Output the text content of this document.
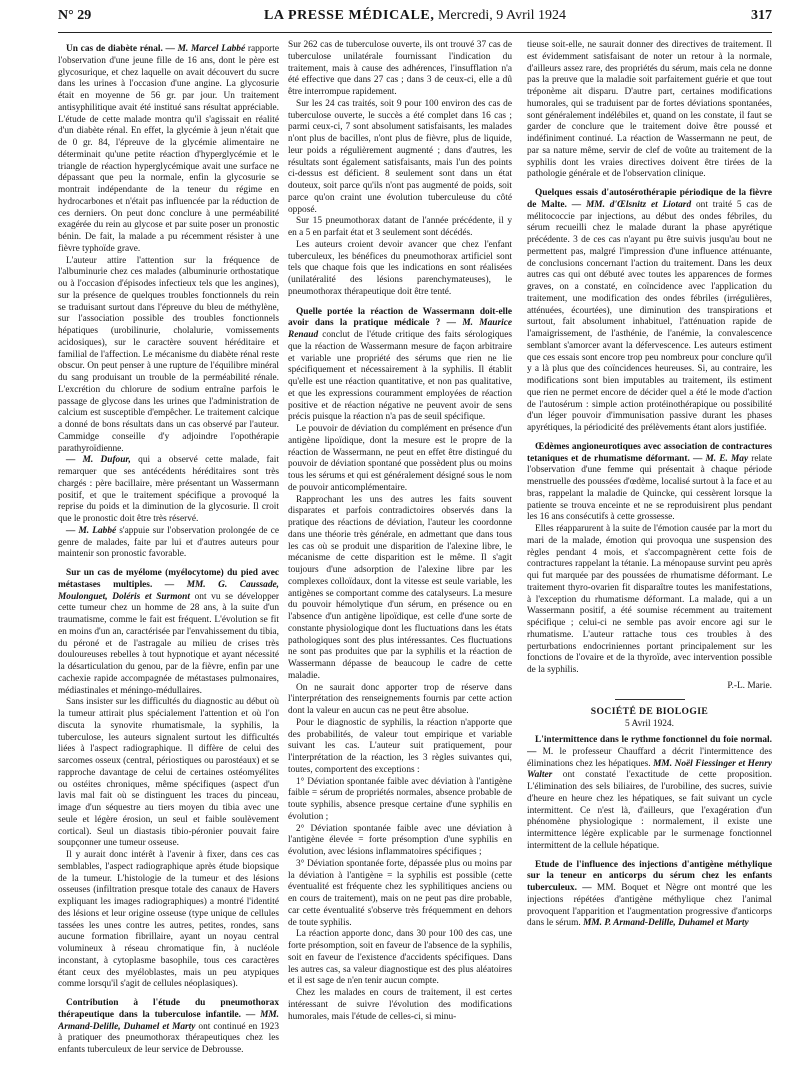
N° 29	LA PRESSE MÉDICALE, Mercredi, 9 Avril 1924	317

Un cas de diabète rénal. — M. Marcel Labbé rapporte l'observation d'une jeune fille de 16 ans, dont le père est glycosurique, et chez laquelle on avait découvert du sucre dans les urines à l'occasion d'une angine. La glycosurie était en moyenne de 56 gr. par jour. Un traitement antisyphilitique avait été institué sans résultat appréciable. L'étude de cette malade montra qu'il s'agissait en réalité d'un diabète rénal. En effet, la glycémie à jeun n'était que de 0 gr. 84, l'épreuve de la glycémie alimentaire ne déterminait qu'une petite réaction d'hyperglycémie et le triangle de réaction hyperglycémique avait une surface ne dépassant que peu la normale, enfin la glycosurie se montrait indépendante de la teneur du régime en hydrocarbones et n'était pas influencée par la réduction de ces derniers. On peut donc conclure à une perméabilité exagérée du rein au glycose et par suite poser un pronostic bénin. De fait, la malade a pu récemment résister à une fièvre typhoïde grave.

L'auteur attire l'attention sur la fréquence de l'albuminurie chez ces malades (albuminurie orthostatique ou à l'occasion d'épisodes infectieux tels que les angines), sur la présence de quelques troubles fonctionnels du rein se traduisant surtout dans l'épreuve du bleu de méthylène, sur l'association possible des troubles fonctionnels hépatiques (urobilinurie, cholalurie, vomissements acidosiques), sur le caractère souvent héréditaire et familial de l'affection. Le mécanisme du diabète rénal reste obscur. On peut penser à une rupture de l'équilibre minéral du sang produisant un trouble de la perméabilité rénale. L'excrétion du chlorure de sodium entraîne parfois le passage de glycose dans les urines que l'administration de calcium est susceptible d'empêcher. Le traitement calcique a donné de bons résultats dans un cas observé par l'auteur. Cammidge conseille d'y adjoindre l'opothérapie parathyroïdienne.

— M. Dufour, qui a observé cette malade, fait remarquer que ses antécédents héréditaires sont très chargés : père bacillaire, mère présentant un Wassermann positif, et que le traitement spécifique a provoqué la reprise du poids et la diminution de la glycosurie. Il croit que le pronostic doit être très réservé.

— M. Labbé s'appuie sur l'observation prolongée de ce genre de malades, faite par lui et d'autres auteurs pour maintenir son pronostic favorable.

Sur un cas de myélome (myélocytome) du pied avec métastases multiples. — MM. G. Caussade, Moulonguet, Doléris et Surmont ont vu se développer cette tumeur chez un homme de 28 ans, à la suite d'un traumatisme, comme le fait est fréquent. L'évolution se fit en moins d'un an, caractérisée par l'envahissement du tibia, du péroné et de l'astragale au milieu de crises très douloureuses rebelles à tout hypnotique et ayant nécessité la désarticulation du genou, par de la fièvre, enfin par une cachexie rapide accompagnée de métastases pulmonaires, médiastinales et méningo-médullaires.

Sans insister sur les difficultés du diagnostic au début où la tumeur attirait plus spécialement l'attention et où l'on discuta la synovite rhumatismale, la syphilis, la tuberculose, les auteurs signalent surtout les difficultés liées à l'aspect radiographique. Il diffère de celui des sarcomes osseux (central, périostiques ou parostéaux) et se rapproche davantage de celui de certaines ostéomyélites ou ostéites chroniques, même spécifiques (aspect d'un lavis mal fait où se distinguent les traces du pinceau, image d'un séquestre au tiers moyen du tibia avec une seule et légère érosion, un seul et faible soulèvement cortical). Seul un diastasis tibio-péronier pouvait faire soupçonner une tumeur osseuse.

Il y aurait donc intérêt à l'avenir à fixer, dans ces cas semblables, l'aspect radiographique après étude biopsique de la tumeur. L'histologie de la tumeur et des lésions osseuses (infiltration presque totale des canaux de Havers expliquant les images radiographiques) a montré l'identité des lésions et leur origine osseuse (type unique de cellules tassées les unes contre les autres, petites, rondes, sans aucune formation fibrillaire, ayant un noyau central volumineux à réseau chromatique fin, à nucléole inconstant, à cytoplasme basophile, tous ces caractères étant ceux des myéloblastes, mais un peu atypiques comme lorsqu'il s'agit de cellules néoplasiques).

Contribution à l'étude du pneumothorax thérapeutique dans la tuberculose infantile. — MM. Armand-Delille, Duhamel et Marty ont continué en 1923 à pratiquer des pneumothorax thérapeutiques chez les enfants tuberculeux de leur service de Debrousse.

Sur 262 cas de tuberculose ouverte, ils ont trouvé 37 cas de tuberculose unilatérale fournissant l'indication du traitement, mais à cause des adhérences, l'insufflation n'a été effective que dans 27 cas ; dans 3 de ceux-ci, elle a dû être interrompue rapidement.

Sur les 24 cas traités, soit 9 pour 100 environ des cas de tuberculose ouverte, le succès a été complet dans 16 cas ; parmi ceux-ci, 7 sont absolument satisfaisants, les malades n'ont plus de bacilles, n'ont plus de fièvre, plus de liquide, leur poids a régulièrement augmenté ; dans d'autres, les résultats sont également satisfaisants, mais l'un des points ci-dessus est déficient. 8 seulement sont dans un état douteux, soit parce qu'ils n'ont pas augmenté de poids, soit parce qu'on craint une évolution tuberculeuse du côté opposé.

Sur 15 pneumothorax datant de l'année précédente, il y en a 5 en parfait état et 3 seulement sont décédés.

Les auteurs croient devoir avancer que chez l'enfant tuberculeux, les bénéfices du pneumothorax artificiel sont tels que chaque fois que les indications en sont réalisées (unilatéralité des lésions parenchymateuses), le pneumothorax thérapeutique doit être tenté.

Quelle portée la réaction de Wassermann doit-elle avoir dans la pratique médicale ? — M. Maurice Renaud conclut de l'étude critique des faits sérologiques que la réaction de Wassermann mesure de façon arbitraire et variable une propriété des sérums que rien ne lie spécifiquement et nécessairement à la syphilis. Il établit qu'elle est une réaction quantitative, et non pas qualitative, et que les expressions couramment employées de réaction positive et de réaction négative ne peuvent avoir de sens précis puisque la réaction n'a pas de seuil spécifique.

Le pouvoir de déviation du complément en présence d'un antigène lipoïdique, dont la mesure est le propre de la réaction de Wassermann, ne peut en effet être distingué du pouvoir de déviation spontané que possèdent plus ou moins tous les sérums et qui est généralement désigné sous le nom de pouvoir anticomplémentaire.

Rapprochant les uns des autres les faits souvent disparates et parfois contradictoires observés dans la pratique des réactions de déviation, l'auteur les coordonne dans une théorie très générale, en admettant que dans tous les cas où se produit une disparition de l'alexine libre, le mécanisme de cette disparition est le même. Il s'agit toujours d'une adsorption de l'alexine libre par les complexes colloïdaux, dont la vitesse est seule variable, les antigènes se comportant comme des catalyseurs. La mesure du pouvoir hémolytique d'un sérum, en présence ou en l'absence d'un antigène lipoïdique, est celle d'une sorte de constante physiologique dont les fluctuations dans les états pathologiques sont des plus intéressantes. Ces fluctuations ne sont pas produites que par la syphilis et la réaction de Wassermann dépasse de beaucoup le cadre de cette maladie.

On ne saurait donc apporter trop de réserve dans l'interprétation des renseignements fournis par cette action dont la valeur en aucun cas ne peut être absolue.

Pour le diagnostic de syphilis, la réaction n'apporte que des probabilités, de valeur tout empirique et variable suivant les cas. L'auteur suit pratiquement, pour l'interprétation de la réaction, les 3 règles suivantes qui, toutes, comportent des exceptions :

1° Déviation spontanée faible avec déviation à l'antigène faible = sérum de propriétés normales, absence probable de toute syphilis, absence presque certaine d'une syphilis en évolution ;

2° Déviation spontanée faible avec une déviation à l'antigène élevée = forte présomption d'une syphilis en évolution, avec lésions inflammatoires spécifiques ;

3° Déviation spontanée forte, dépassée plus ou moins par la déviation à l'antigène = la syphilis est possible (cette éventualité est fréquente chez les syphilitiques anciens ou en cours de traitement), mais on ne peut pas dire probable, car cette éventualité s'observe très fréquemment en dehors de toute syphilis.

La réaction apporte donc, dans 30 pour 100 des cas, une forte présomption, soit en faveur de l'absence de la syphilis, soit en faveur de l'existence d'accidents spécifiques. Dans les autres cas, sa valeur diagnostique est des plus aléatoires et il est sage de n'en tenir aucun compte.

Chez les malades en cours de traitement, il est certes intéressant de suivre l'évolution des modifications humorales, mais l'étude de celles-ci, si minu-

tieuse soit-elle, ne saurait donner des directives de traitement. Il est évidemment satisfaisant de noter un retour à la normale, d'ailleurs assez rare, des propriétés du sérum, mais cela ne donne pas la preuve que la maladie soit parfaitement guérie et que tout tréponème ait disparu. D'autre part, certaines modifications humorales, qui se traduisent par de fortes déviations spontanées, sont généralement indélébiles et, quand on les constate, il faut se garder de conclure que le traitement doive être poussé et indéfiniment continué. La réaction de Wassermann ne peut, de par sa nature même, servir de clef de voûte au traitement de la syphilis dont les vraies directives doivent être tirées de la pathologie générale et de l'observation clinique.

Quelques essais d'autosérothérapie périodique de la fièvre de Malte. — MM. d'Œlsnitz et Liotard ont traité 5 cas de mélitococcie par injections, au début des ondes fébriles, du sérum recueilli chez le malade durant la phase apyrétique précédente. 3 de ces cas n'ayant pu être suivis jusqu'au bout ne permettent pas, malgré l'impression d'une influence atténuante, de conclusions concernant l'action du traitement. Dans les deux autres cas qui ont débuté avec toutes les apparences de formes graves, on a constaté, en coïncidence avec l'application du traitement, une modification des ondes fébriles (irrégulières, atténuées, écourtées), une diminution des transpirations et surtout, fait absolument inhabituel, l'atténuation rapide de l'amaigrissement, de l'asthénie, de l'anémie, la convalescence semblant s'amorcer avant la défervescence. Les auteurs estiment que ces essais sont encore trop peu nombreux pour conclure qu'il y a là plus que des coïncidences heureuses. Si, au contraire, les modifications sont bien imputables au traitement, ils estiment que rien ne permet encore de décider quel a été le mode d'action de l'autosérum : simple action protéinothérapique ou possibilité d'un léger pouvoir d'immunisation passive durant les phases apyrétiques, la périodicité des prélèvements étant alors justifiée.

Œdèmes angioneurotiques avec association de contractures tetaniques et de rhumatisme déformant. — M. E. May relate l'observation d'une femme qui présentait à chaque période menstruelle des poussées d'œdème, localisé surtout à la face et au bras, rappelant la maladie de Quincke, qui cessèrent lorsque la patiente se trouva enceinte et ne se reproduisirent plus pendant les 16 ans consécutifs à cette grossesse.

Elles réapparurent à la suite de l'émotion causée par la mort du mari de la malade, émotion qui provoqua une suspension des règles pendant 4 mois, et s'accompagnèrent cette fois de contractures rappelant la tétanie. La ménopause survint peu après qui fut marquée par des poussées de rhumatisme déformant. Le traitement thyro-ovarien fit disparaître toutes les manifestations, à l'exception du rhumatisme déformant. La malade, qui a un Wassermann positif, a été soumise récemment au traitement spécifique ; celui-ci ne semble pas avoir encore agi sur le rhumatisme. L'auteur rattache tous ces troubles à des perturbations endocriniennes portant principalement sur les fonctions de l'ovaire et de la thyroïde, avec intervention possible de la syphilis.

P.-L. Marie.

SOCIÉTÉ DE BIOLOGIE
5 Avril 1924.

L'intermittence dans le rythme fonctionnel du foie normal. — M. le professeur Chauffard a décrit l'intermittence des éliminations chez les hépatiques. MM. Noël Fiessinger et Henry Walter ont constaté l'exactitude de cette proposition. L'élimination des sels biliaires, de l'urobiline, des sucres, suivie d'heure en heure chez les hépatiques, se fait suivant un cycle intermittent. Ce n'est là, d'ailleurs, que l'exagération d'un phénomène physiologique : normalement, il existe une intermittence légère explicable par le surmenage fonctionnel intermittent de la cellule hépatique.

Etude de l'influence des injections d'antigène méthylique sur la teneur en anticorps du sérum chez les enfants tuberculeux. — MM. Boquet et Nègre ont montré que les injections répétées d'antigène méthylique chez l'animal provoquent l'apparition et l'augmentation progressive d'anticorps dans le sérum. MM. P. Armand-Delille, Duhamel et Marty
